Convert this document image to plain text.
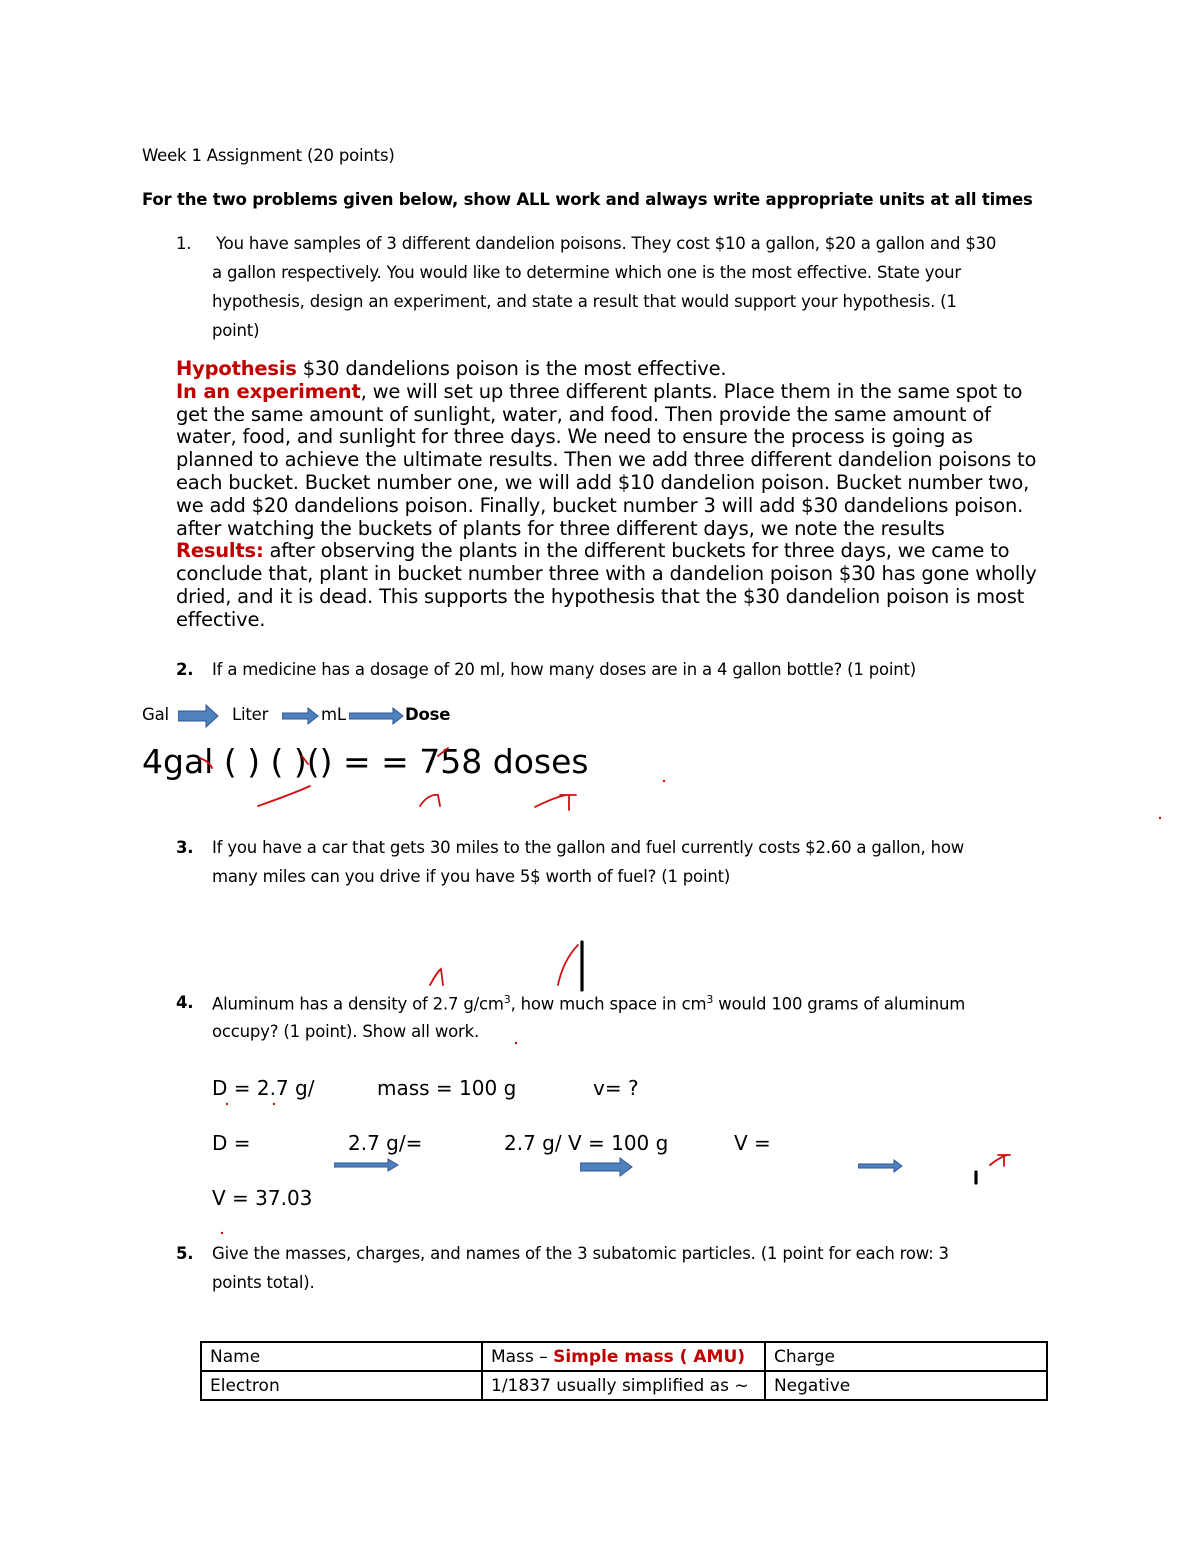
Week 1 Assignment (20 points)
For the two problems given below, show ALL work and always write appropriate units at all times
1. You have samples of 3 different dandelion poisons. They cost $10 a gallon, $20 a gallon and $30
a gallon respectively. You would like to determine which one is the most effective. State your
hypothesis, design an experiment, and state a result that would support your hypothesis. (1
point)

Hypothesis $30 dandelions poison is the most effective.

In an experiment, we will set up three different plants. Place them in the same spot to get the same amount of sunlight, water, and food. Then provide the same amount of water, food, and sunlight for three days. We need to ensure the process is going as planned to achieve the ultimate results. Then we add three different dandelion poisons to each bucket. Bucket number one, we will add $10 dandelion poison. Bucket number two, we add $20 dandelions poison. Finally, bucket number 3 will add $30 dandelions poison. after watching the buckets of plants for three different days, we note the results

Results: after observing the plants in the different buckets for three days, we came to conclude that, plant in bucket number three with a dandelion poison $30 has gone wholly dried, and it is dead. This supports the hypothesis that the $30 dandelion poison is most effective.

2. If a medicine has a dosage of 20 ml, how many doses are in a 4 gallon bottle? (1 point)
Gal	Liter	mL	Dose
4gal ( ) ( )() = = 758 doses
3. If you have a car that gets 30 miles to the gallon and fuel currently costs $2.60 a gallon, how
many miles can you drive if you have 5$ worth of fuel? (1 point)
4. Aluminum has a density of 2.7 $g/cm^3$, how much space in $cm^3$ would 100 grams of aluminum
occupy? (1 point). Show all work.
D = 2.7 g/	mass = 100 g	v= ?
D =	2.7 g/=	2.7 g/ V = 100 g	V =
V = 37.03
5. Give the masses, charges, and names of the 3 subatomic particles. (1 point for each row: 3
points total).
Name	Mass – Simple mass ( AMU)	Charge
Electron	1/1837 usually simplified as ~	Negative
